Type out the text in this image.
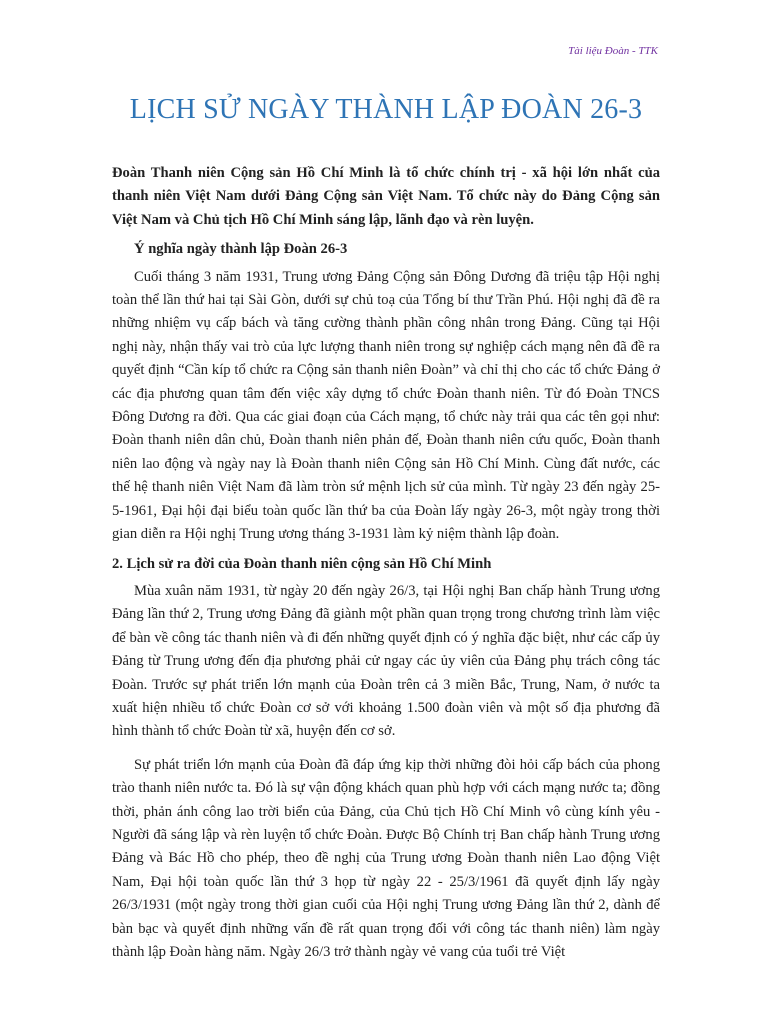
Tài liệu Đoàn - TTK
LỊCH SỬ NGÀY THÀNH LẬP ĐOÀN 26-3

Đoàn Thanh niên Cộng sản Hồ Chí Minh là tổ chức chính trị - xã hội lớn nhất của thanh niên Việt Nam dưới Đảng Cộng sản Việt Nam. Tổ chức này do Đảng Cộng sản Việt Nam và Chủ tịch Hồ Chí Minh sáng lập, lãnh đạo và rèn luyện.

Ý nghĩa ngày thành lập Đoàn 26-3

Cuối tháng 3 năm 1931, Trung ương Đảng Cộng sản Đông Dương đã triệu tập Hội nghị toàn thể lần thứ hai tại Sài Gòn, dưới sự chủ toạ của Tổng bí thư Trần Phú. Hội nghị đã đề ra những nhiệm vụ cấp bách và tăng cường thành phần công nhân trong Đảng. Cũng tại Hội nghị này, nhận thấy vai trò của lực lượng thanh niên trong sự nghiệp cách mạng nên đã đề ra quyết định “Cần kíp tổ chức ra Cộng sản thanh niên Đoàn” và chỉ thị cho các tổ chức Đảng ở các địa phương quan tâm đến việc xây dựng tổ chức Đoàn thanh niên. Từ đó Đoàn TNCS Đông Dương ra đời. Qua các giai đoạn của Cách mạng, tổ chức này trải qua các tên gọi như: Đoàn thanh niên dân chủ, Đoàn thanh niên phản đế, Đoàn thanh niên cứu quốc, Đoàn thanh niên lao động và ngày nay là Đoàn thanh niên Cộng sản Hồ Chí Minh. Cùng đất nước, các thế hệ thanh niên Việt Nam đã làm tròn sứ mệnh lịch sử của mình. Từ ngày 23 đến ngày 25-5-1961, Đại hội đại biểu toàn quốc lần thứ ba của Đoàn lấy ngày 26-3, một ngày trong thời gian diễn ra Hội nghị Trung ương tháng 3-1931 làm kỷ niệm thành lập đoàn.

2. Lịch sử ra đời của Đoàn thanh niên cộng sản Hồ Chí Minh

Mùa xuân năm 1931, từ ngày 20 đến ngày 26/3, tại Hội nghị Ban chấp hành Trung ương Đảng lần thứ 2, Trung ương Đảng đã giành một phần quan trọng trong chương trình làm việc để bàn về công tác thanh niên và đi đến những quyết định có ý nghĩa đặc biệt, như các cấp ủy Đảng từ Trung ương đến địa phương phải cử ngay các ủy viên của Đảng phụ trách công tác Đoàn. Trước sự phát triển lớn mạnh của Đoàn trên cả 3 miền Bắc, Trung, Nam, ở nước ta xuất hiện nhiều tổ chức Đoàn cơ sở với khoảng 1.500 đoàn viên và một số địa phương đã hình thành tổ chức Đoàn từ xã, huyện đến cơ sở.

Sự phát triển lớn mạnh của Đoàn đã đáp ứng kịp thời những đòi hỏi cấp bách của phong trào thanh niên nước ta. Đó là sự vận động khách quan phù hợp với cách mạng nước ta; đồng thời, phản ánh công lao trời biển của Đảng, của Chủ tịch Hồ Chí Minh vô cùng kính yêu - Người đã sáng lập và rèn luyện tổ chức Đoàn. Được Bộ Chính trị Ban chấp hành Trung ương Đảng và Bác Hồ cho phép, theo đề nghị của Trung ương Đoàn thanh niên Lao động Việt Nam, Đại hội toàn quốc lần thứ 3 họp từ ngày 22 - 25/3/1961 đã quyết định lấy ngày 26/3/1931 (một ngày trong thời gian cuối của Hội nghị Trung ương Đảng lần thứ 2, dành để bàn bạc và quyết định những vấn đề rất quan trọng đối với công tác thanh niên) làm ngày thành lập Đoàn hàng năm. Ngày 26/3 trở thành ngày vẻ vang của tuổi trẻ Việt
